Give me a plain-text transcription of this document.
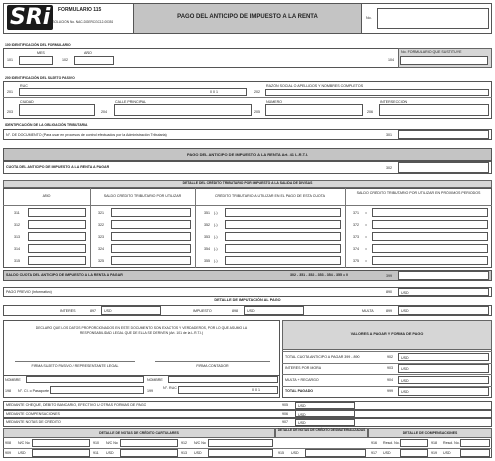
SRi	FORMULARIO 115
RESOLUCIÓN No. NAC-DGERCGC12-00351
PAGO DEL ANTICIPO DE IMPUESTO A LA RENTA	No.
100 IDENTIFICACIÓN DEL FORMULARIO
101
MES
102
AÑO	No. FORMULARIO QUE SUSTITUYE
104
200 IDENTIFICACIÓN DEL SUJETO PASIVO
RUC
201	0 0 1	202
RAZÓN SOCIAL O APELLIDOS Y NOMBRES COMPLETOS
203
CIUDAD
204
CALLE PRINCIPAL
205
NÚMERO
206
INTERSECCIÓN
IDENTIFICACIÓN DE LA OBLIGACIÓN TRIBUTARIA
N°. DE DOCUMENTO (Para usar en procesos de control efectuados por la Administración Tributaria)	301
PAGO DEL ANTICIPO DE IMPUESTO A LA RENTA Art. 41 L.R.T.I.
CUOTA DEL ANTICIPO DE IMPUESTO A LA RENTA A PAGAR	302
DETALLE DEL CRÉDITO TRIBUTARIO POR IMPUESTO A LA SALIDA DE DIVISAS
AÑO	SALDO CRÉDITO TRIBUTARIO POR UTILIZAR	CRÉDITO TRIBUTARIO A UTILIZAR EN EL PAGO DE ESTA CUOTA
SALDO CRÉDITO TRIBUTARIO POR UTILIZAR EN PRÓXIMOS PERIODOS
311	321	351 (-)	371 =
312	322	352 (-)	372 =
313	323	353 (-)	373 =
314	324	354 (-)	374 =
315	325	355 (-)	375 =
SALDO CUOTA DEL ANTICIPO DE IMPUESTO A LA RENTA A PAGAR	302 - 351 - 352 - 353 - 354 - 355 = 0	399
PAGO PREVIO (Informativo)	890	USD
DETALLE DE IMPUTACIÓN AL PAGO
INTERÉS	897 USD	IMPUESTO	898	USD	MULTA	899	USD
DECLARO QUE LOS DATOS PROPORCIONADOS EN ESTE DOCUMENTO SON EXACTOS Y VERDADEROS, POR LO QUE ASUMO LA
RESPONSABILIDAD LEGAL QUE DE ELLA SE DERIVEN (Art. 101 de la L.R.T.I.)
FIRMA SUJETO PASIVO / REPRESENTANTE LEGAL	FIRMA CONTADOR
NOMBRE	NOMBRE
198 N°. CI. o Pasaporte	199
N°. RUC	0 0 1
VALORES A PAGAR Y FORMA DE PAGO
TOTAL CUOTA ANTICIPO A PAGAR 399 - 890	902 USD
INTERÉS POR MORA	903 USD
MULTA + RECARGO	904 USD
TOTAL PAGADO	999 USD
MEDIANTE CHEQUE, DÉBITO BANCARIO, EFECTIVO U OTRAS FORMAS DE PAGO	905	USD
MEDIANTE COMPENSACIONES	906	USD
MEDIANTE NOTAS DE CRÉDITO	907	USD
DETALLE DE NOTAS DE CRÉDITO CARTULARES
DETALLE DE NOTAS DE CRÉDITO DESMATERIALIZADAS
DETALLE DE COMPENSACIONES
908 N/C No	910 N/C No	912 N/C No
909 USD	911 USD	913 USD	915 USD
916 Resol. No.	918 Resol. No.
917 USD	919 USD
